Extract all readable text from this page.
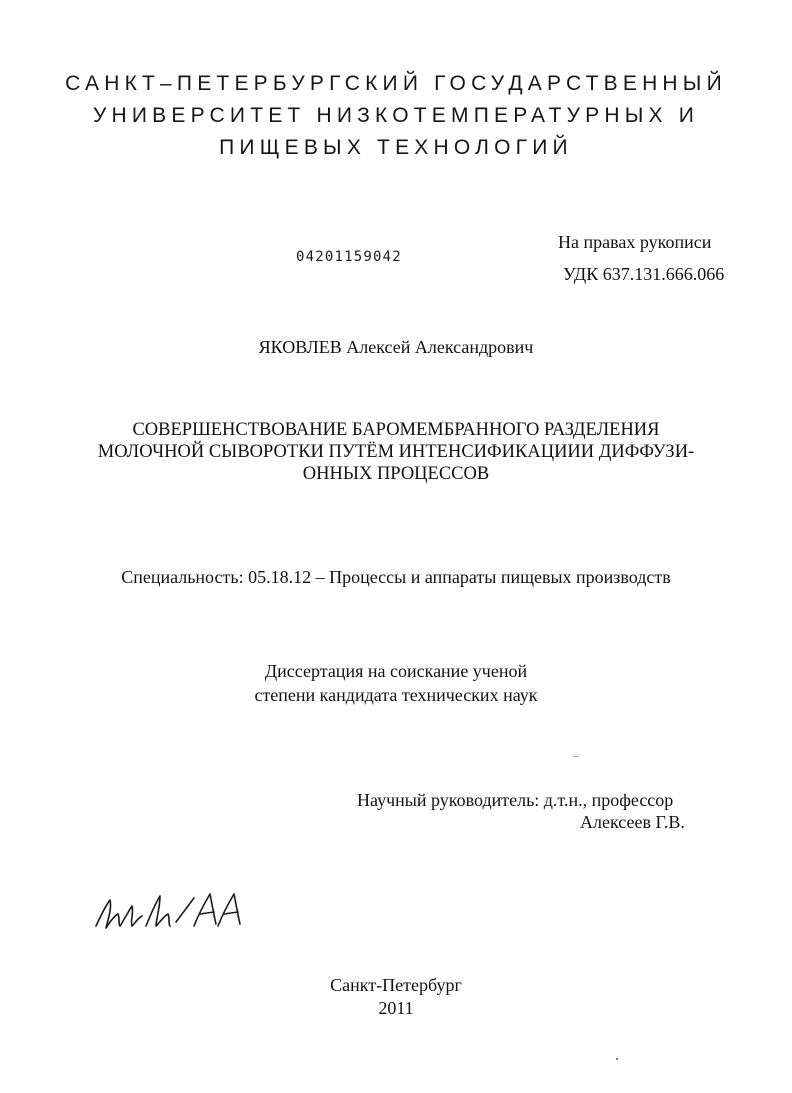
САНКТ–ПЕТЕРБУРГСКИЙ ГОСУДАРСТВЕННЫЙ
УНИВЕРСИТЕТ НИЗКОТЕМПЕРАТУРНЫХ И
ПИЩЕВЫХ ТЕХНОЛОГИЙ
04201159042
На правах рукописи
УДК 637.131.666.066
ЯКОВЛЕВ Алексей Александрович
СОВЕРШЕНСТВОВАНИЕ БАРОМЕМБРАННОГО РАЗДЕЛЕНИЯ
МОЛОЧНОЙ СЫВОРОТКИ ПУТЁМ ИНТЕНСИФИКАЦИИИ ДИФФУЗИ-
ОННЫХ ПРОЦЕССОВ
Специальность: 05.18.12 – Процессы и аппараты пищевых производств
Диссертация на соискание ученой
степени кандидата технических наук
Научный руководитель: д.т.н., профессор
Алексеев Г.В.
Санкт-Петербург
2011
